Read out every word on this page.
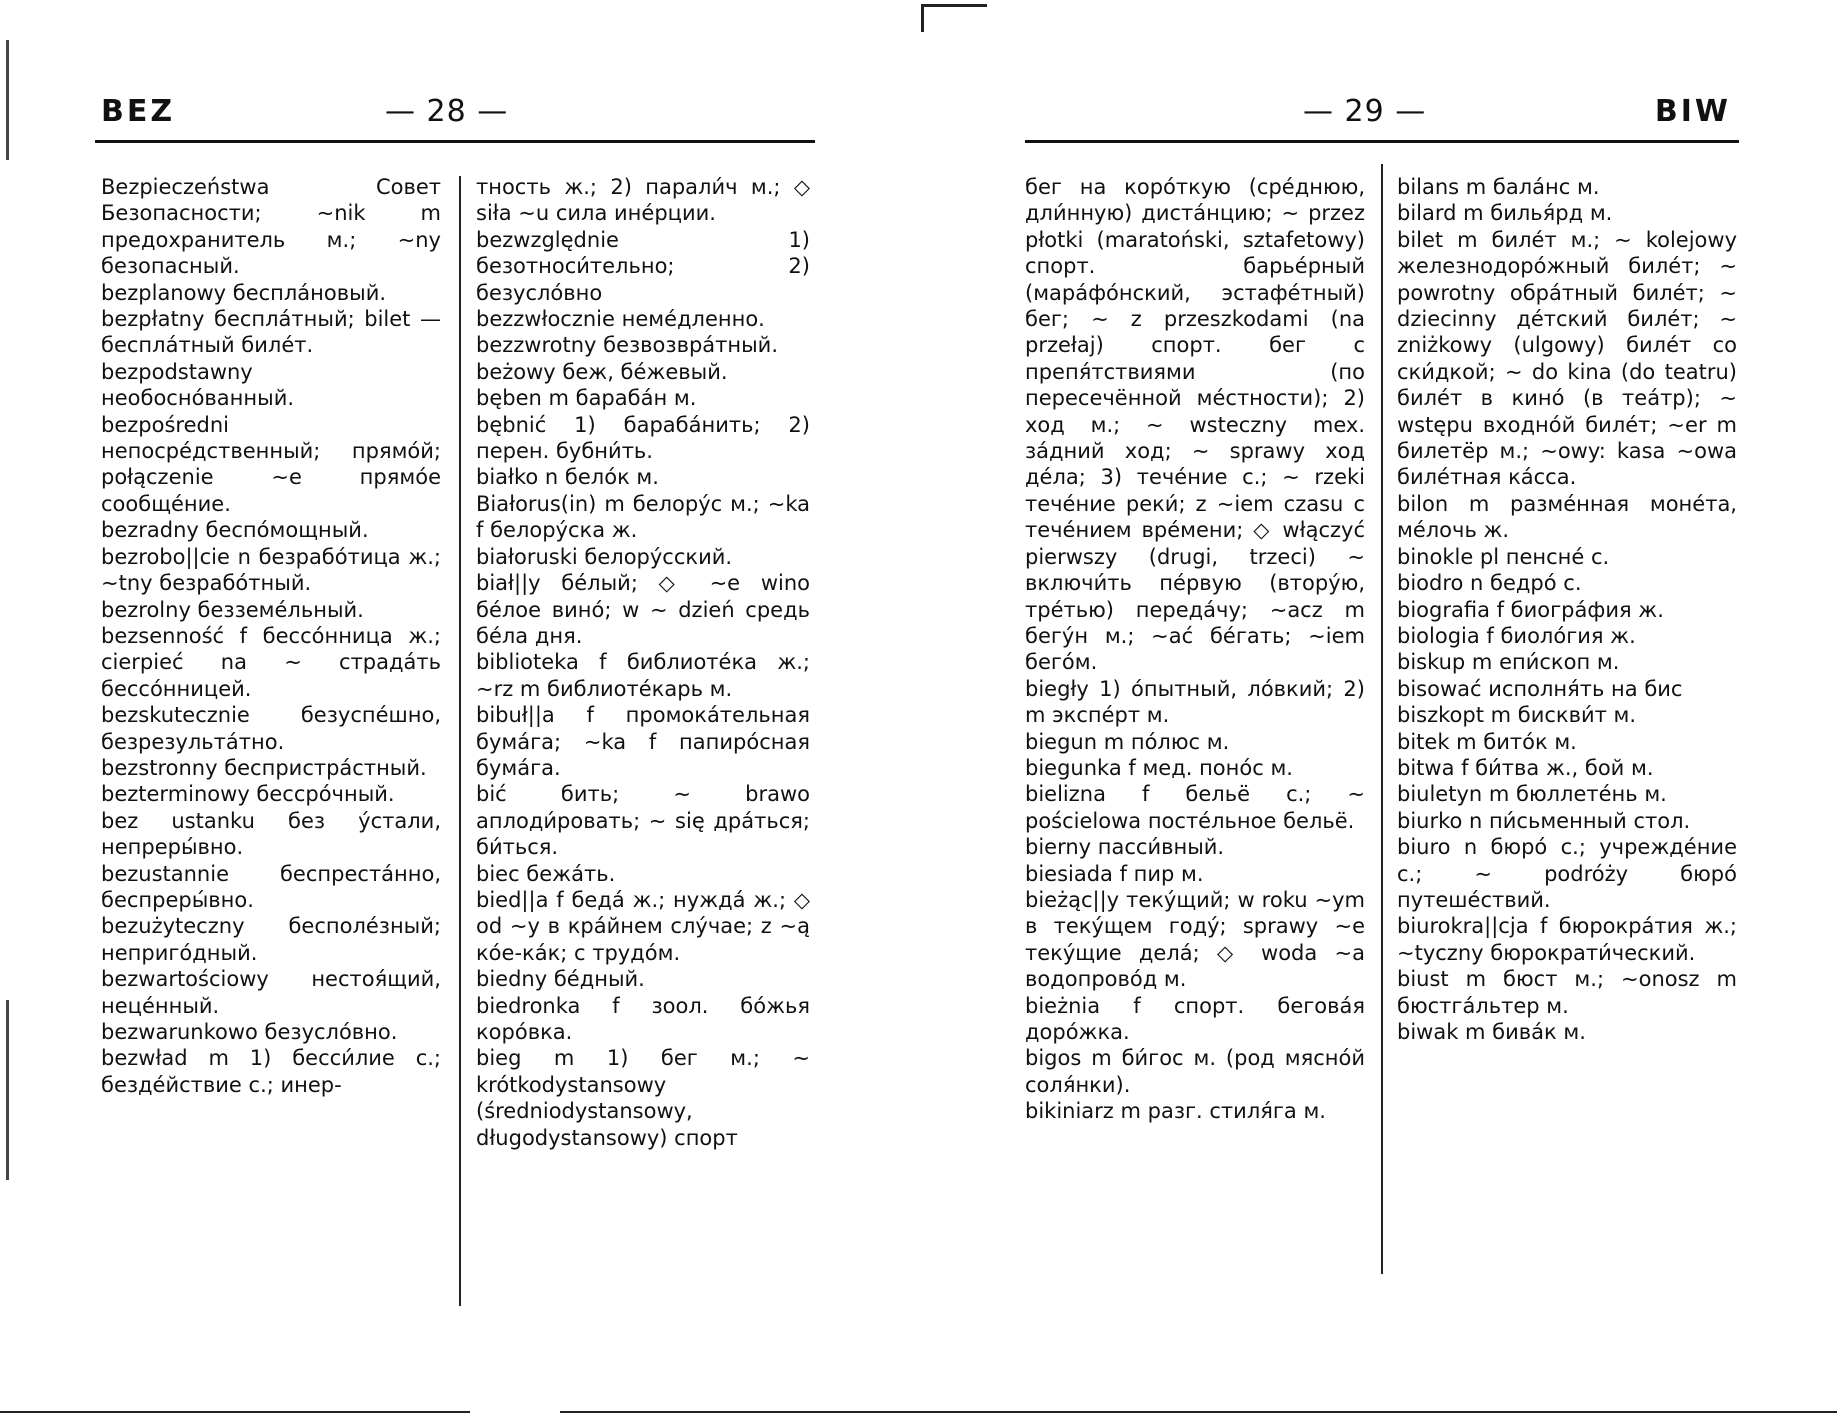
BEZ	— 28 —

Bezpieczeństwa Совет Безопасности; ∼nik m предохранитель м.; ∼ny безопасный.

bezplanowy беспла́новый.

bezpłatny беспла́тный; bilet — беспла́тный биле́т.

bezpodstawny необосно́ванный.

bezpośredni непосре́дственный; прямо́й; połączenie ∼e прямо́е сообще́ние.

bezradny беспо́мощный.

bezrobo||cie n безрабо́тица ж.; ∼tny безрабо́тный.

bezrolny безземе́льный.

bezsenność f бессо́нница ж.; cierpieć na ∼ страда́ть бессо́нницей.

bezskutecznie безуспе́шно, безрезульта́тно.

bezstronny беспристра́стный.

bezterminowy бессро́чный.

bez ustanku без у́стали, непреры́вно.

bezustannie беспреста́нно, беспреры́вно.

bezużyteczny бесполе́зный; неприго́дный.

bezwartościowy нестоя́щий, неце́нный.

bezwarunkowo безусло́вно.

bezwład m 1) бесси́лие с.; безде́йствие с.; инер-

тность ж.; 2) парали́ч м.; ◇ siła ∼u сила ине́рции.

bezwzględnie 1) безотноси́тельно; 2) безусло́вно

bezzwłocznie неме́дленно.

bezzwrotny безвозвра́тный.

beżowy беж, бе́жевый.

bęben m бараба́н м.

bębnić 1) бараба́нить; 2) перен. бубни́ть.

białko n бело́к м.

Białorus(in) m белору́с м.; ∼ka f белору́ска ж.

białoruski белору́сский.

biał||y бе́лый; ◇ ∼e wino бе́лое вино́; w ∼ dzień средь бе́ла дня.

biblioteka f библиоте́ка ж.; ∼rz m библиоте́карь м.

bibuł||a f промока́тельная бума́га; ∼ka f папиро́сная бума́га.

bić бить; ∼ brawo аплоди́ровать; ∼ się дра́ться; би́ться.

biec бежа́ть.

bied||a f беда́ ж.; нужда́ ж.; ◇ od ∼y в кра́йнем слу́чае; z ∼ą ко́е-ка́к; с трудо́м.

biedny бе́дный.

biedronka f зоол. бо́жья коро́вка.

bieg m 1) бег м.; ∼ krótkodystansowy (średniodystansowy, długodystansowy) спорт

— 29 —	BIW

бег на коро́ткую (сре́днюю, дли́нную) диста́нцию; ∼ przez płotki (maratoński, sztafetowy) спорт. барье́рный (мара́фо́нский, эстафе́тный) бег; ∼ z przeszkodami (na przełaj) спорт. бег с препя́тствиями (по пересечённой ме́стности); 2) ход м.; ∼ wsteczny mex. за́дний ход; ∼ sprawy ход де́ла; 3) тече́ние с.; ∼ rzeki тече́ние реки́; z ∼iem czasu с тече́нием вре́мени; ◇ włączyć pierwszy (drugi, trzeci) ∼ включи́ть пе́рвую (втору́ю, тре́тью) переда́чу; ∼acz m бегу́н м.; ∼ać бе́гать; ∼iem бего́м.

biegły 1) о́пытный, ло́вкий; 2) m экспе́рт м.

biegun m по́люс м.

biegunka f мед. поно́с м.

bielizna f бельё с.; ∼ pościelowa посте́льное бельё.

bierny пасси́вный.

biesiada f пир м.

bieżąc||y теку́щий; w roku ∼ym в теку́щем году́; sprawy ∼e теку́щие дела́; ◇ woda ∼a водопрово́д м.

bieżnia f спорт. бегова́я доро́жка.

bigos m би́гос м. (род мясно́й соля́нки).

bikiniarz m разг. стиля́га м.

bilans m бала́нс м.

bilard m билья́рд м.

bilet m биле́т м.; ∼ kolejowy железнодоро́жный биле́т; ∼ powrotny обра́тный биле́т; ∼ dziecinny де́тский биле́т; ∼ zniżkowy (ulgowy) биле́т со ски́дкой; ∼ do kina (do teatru) биле́т в кино́ (в теа́тр); ∼ wstępu входно́й биле́т; ∼er m билетёр м.; ∼owy: kasa ∼owa биле́тная ка́сса.

bilon m разме́нная моне́та, ме́лочь ж.

binokle pl пенсне́ с.

biodro n бедро́ с.

biografia f биогра́фия ж.

biologia f биоло́гия ж.

biskup m епи́скоп м.

bisować исполня́ть на бис

biszkopt m бискви́т м.

bitek m бито́к м.

bitwa f би́тва ж., бой м.

biuletyn m бюллете́нь м.

biurko n пи́сьменный стол.

biuro n бюро́ с.; учрежде́ние с.; ∼ podróży бюро́ путеше́ствий.

biurokra||cja f бюрокра́тия ж.; ∼tyczny бюрократи́ческий.

biust m бюст м.; ∼onosz m бюстга́льтер м.

biwak m бива́к м.
